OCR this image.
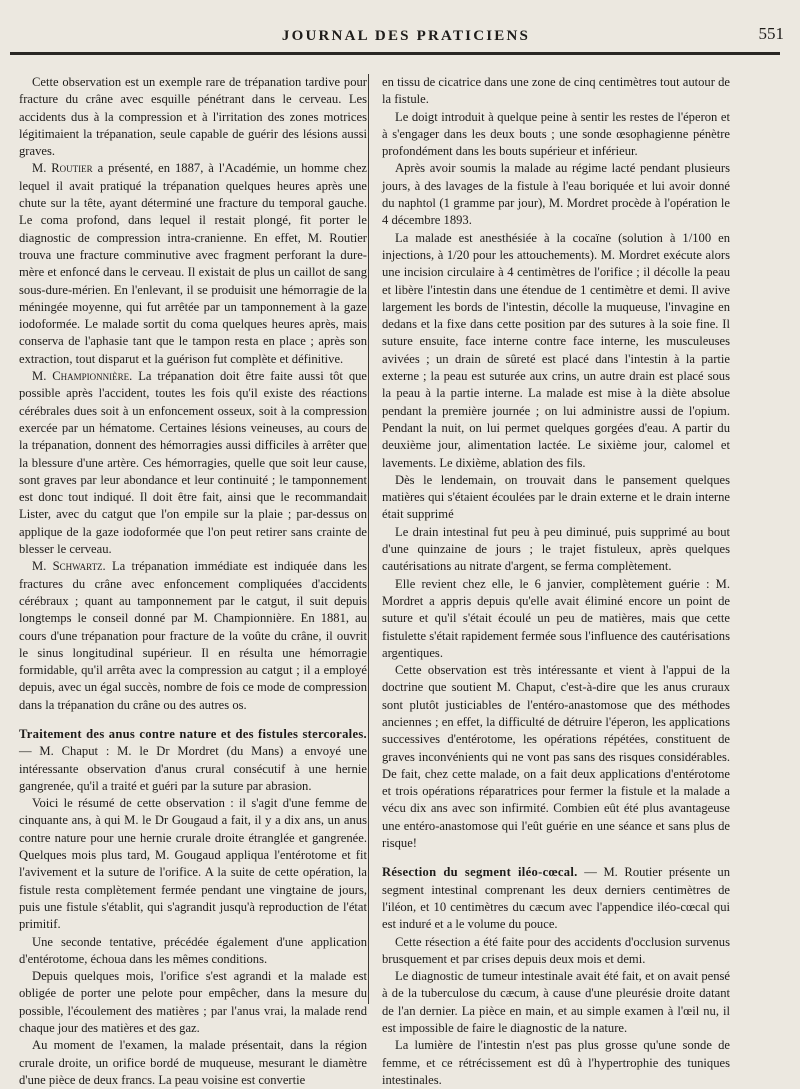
JOURNAL DES PRATICIENS	551

Cette observation est un exemple rare de trépanation tardive pour fracture du crâne avec esquille pénétrant dans le cerveau. Les accidents dus à la compression et à l'irritation des zones motrices légitimaient la trépanation, seule capable de guérir des lésions aussi graves.

M. Routier a présenté, en 1887, à l'Académie, un homme chez lequel il avait pratiqué la trépanation quelques heures après une chute sur la tête, ayant déterminé une fracture du temporal gauche. Le coma profond, dans lequel il restait plongé, fit porter le diagnostic de compression intra-cranienne. En effet, M. Routier trouva une fracture comminutive avec fragment perforant la dure-mère et enfoncé dans le cerveau. Il existait de plus un caillot de sang sous-dure-mérien. En l'enlevant, il se produisit une hémorragie de la méningée moyenne, qui fut arrêtée par un tamponnement à la gaze iodoformée. Le malade sortit du coma quelques heures après, mais conserva de l'aphasie tant que le tampon resta en place ; après son extraction, tout disparut et la guérison fut complète et définitive.

M. Championnière. La trépanation doit être faite aussi tôt que possible après l'accident, toutes les fois qu'il existe des réactions cérébrales dues soit à un enfoncement osseux, soit à la compression exercée par un hématome. Certaines lésions veineuses, au cours de la trépanation, donnent des hémorragies aussi difficiles à arrêter que la blessure d'une artère. Ces hémorragies, quelle que soit leur cause, sont graves par leur abondance et leur continuité ; le tamponnement est donc tout indiqué. Il doit être fait, ainsi que le recommandait Lister, avec du catgut que l'on empile sur la plaie ; par-dessus on applique de la gaze iodoformée que l'on peut retirer sans crainte de blesser le cerveau.

M. Schwartz. La trépanation immédiate est indiquée dans les fractures du crâne avec enfoncement compliquées d'accidents cérébraux ; quant au tamponnement par le catgut, il suit depuis longtemps le conseil donné par M. Championnière. En 1881, au cours d'une trépanation pour fracture de la voûte du crâne, il ouvrit le sinus longitudinal supérieur. Il en résulta une hémorragie formidable, qu'il arrêta avec la compression au catgut ; il a employé depuis, avec un égal succès, nombre de fois ce mode de compression dans la trépanation du crâne ou des autres os.

Traitement des anus contre nature et des fistules stercorales. — M. Chaput : M. le Dr Mordret (du Mans) a envoyé une intéressante observation d'anus crural consécutif à une hernie gangrenée, qu'il a traité et guéri par la suture par abrasion.

Voici le résumé de cette observation : il s'agit d'une femme de cinquante ans, à qui M. le Dr Gougaud a fait, il y a dix ans, un anus contre nature pour une hernie crurale droite étranglée et gangrenée. Quelques mois plus tard, M. Gougaud appliqua l'entérotome et fit l'avivement et la suture de l'orifice. A la suite de cette opération, la fistule resta complètement fermée pendant une vingtaine de jours, puis une fistule s'établit, qui s'agrandit jusqu'à reproduction de l'état primitif.

Une seconde tentative, précédée également d'une application d'entérotome, échoua dans les mêmes conditions.

Depuis quelques mois, l'orifice s'est agrandi et la malade est obligée de porter une pelote pour empêcher, dans la mesure du possible, l'écoulement des matières ; par l'anus vrai, la malade rend chaque jour des matières et des gaz.

Au moment de l'examen, la malade présentait, dans la région crurale droite, un orifice bordé de muqueuse, mesurant le diamètre d'une pièce de deux francs. La peau voisine est convertie

en tissu de cicatrice dans une zone de cinq centimètres tout autour de la fistule.

Le doigt introduit à quelque peine à sentir les restes de l'éperon et à s'engager dans les deux bouts ; une sonde œsophagienne pénètre profondément dans les bouts supérieur et inférieur.

Après avoir soumis la malade au régime lacté pendant plusieurs jours, à des lavages de la fistule à l'eau boriquée et lui avoir donné du naphtol (1 gramme par jour), M. Mordret procède à l'opération le 4 décembre 1893.

La malade est anesthésiée à la cocaïne (solution à 1/100 en injections, à 1/20 pour les attouchements). M. Mordret exécute alors une incision circulaire à 4 centimètres de l'orifice ; il décolle la peau et libère l'intestin dans une étendue de 1 centimètre et demi. Il avive largement les bords de l'intestin, décolle la muqueuse, l'invagine en dedans et la fixe dans cette position par des sutures à la soie fine. Il suture ensuite, face interne contre face interne, les musculeuses avivées ; un drain de sûreté est placé dans l'intestin à la partie externe ; la peau est suturée aux crins, un autre drain est placé sous la peau à la partie interne. La malade est mise à la diète absolue pendant la première journée ; on lui administre aussi de l'opium. Pendant la nuit, on lui permet quelques gorgées d'eau. A partir du deuxième jour, alimentation lactée. Le sixième jour, calomel et lavements. Le dixième, ablation des fils.

Dès le lendemain, on trouvait dans le pansement quelques matières qui s'étaient écoulées par le drain externe et le drain interne était supprimé

Le drain intestinal fut peu à peu diminué, puis supprimé au bout d'une quinzaine de jours ; le trajet fistuleux, après quelques cautérisations au nitrate d'argent, se ferma complètement.

Elle revient chez elle, le 6 janvier, complètement guérie : M. Mordret a appris depuis qu'elle avait éliminé encore un point de suture et qu'il s'était écoulé un peu de matières, mais que cette fistulette s'était rapidement fermée sous l'influence des cautérisations argentiques.

Cette observation est très intéressante et vient à l'appui de la doctrine que soutient M. Chaput, c'est-à-dire que les anus cruraux sont plutôt justiciables de l'entéro-anastomose que des méthodes anciennes ; en effet, la difficulté de détruire l'éperon, les applications successives d'entérotome, les opérations répétées, constituent de graves inconvénients qui ne vont pas sans des risques considérables. De fait, chez cette malade, on a fait deux applications d'entérotome et trois opérations réparatrices pour fermer la fistule et la malade a vécu dix ans avec son infirmité. Combien eût été plus avantageuse une entéro-anastomose qui l'eût guérie en une séance et sans plus de risque!

Résection du segment iléo-cœcal. — M. Routier présente un segment intestinal comprenant les deux derniers centimètres de l'iléon, et 10 centimètres du cæcum avec l'appendice iléo-cœcal qui est induré et a le volume du pouce.

Cette résection a été faite pour des accidents d'occlusion survenus brusquement et par crises depuis deux mois et demi.

Le diagnostic de tumeur intestinale avait été fait, et on avait pensé à de la tuberculose du cæcum, à cause d'une pleurésie droite datant de l'an dernier. La pièce en main, et au simple examen à l'œil nu, il est impossible de faire le diagnostic de la nature.

La lumière de l'intestin n'est pas plus grosse qu'une sonde de femme, et ce rétrécissement est dû à l'hypertrophie des tuniques intestinales.
